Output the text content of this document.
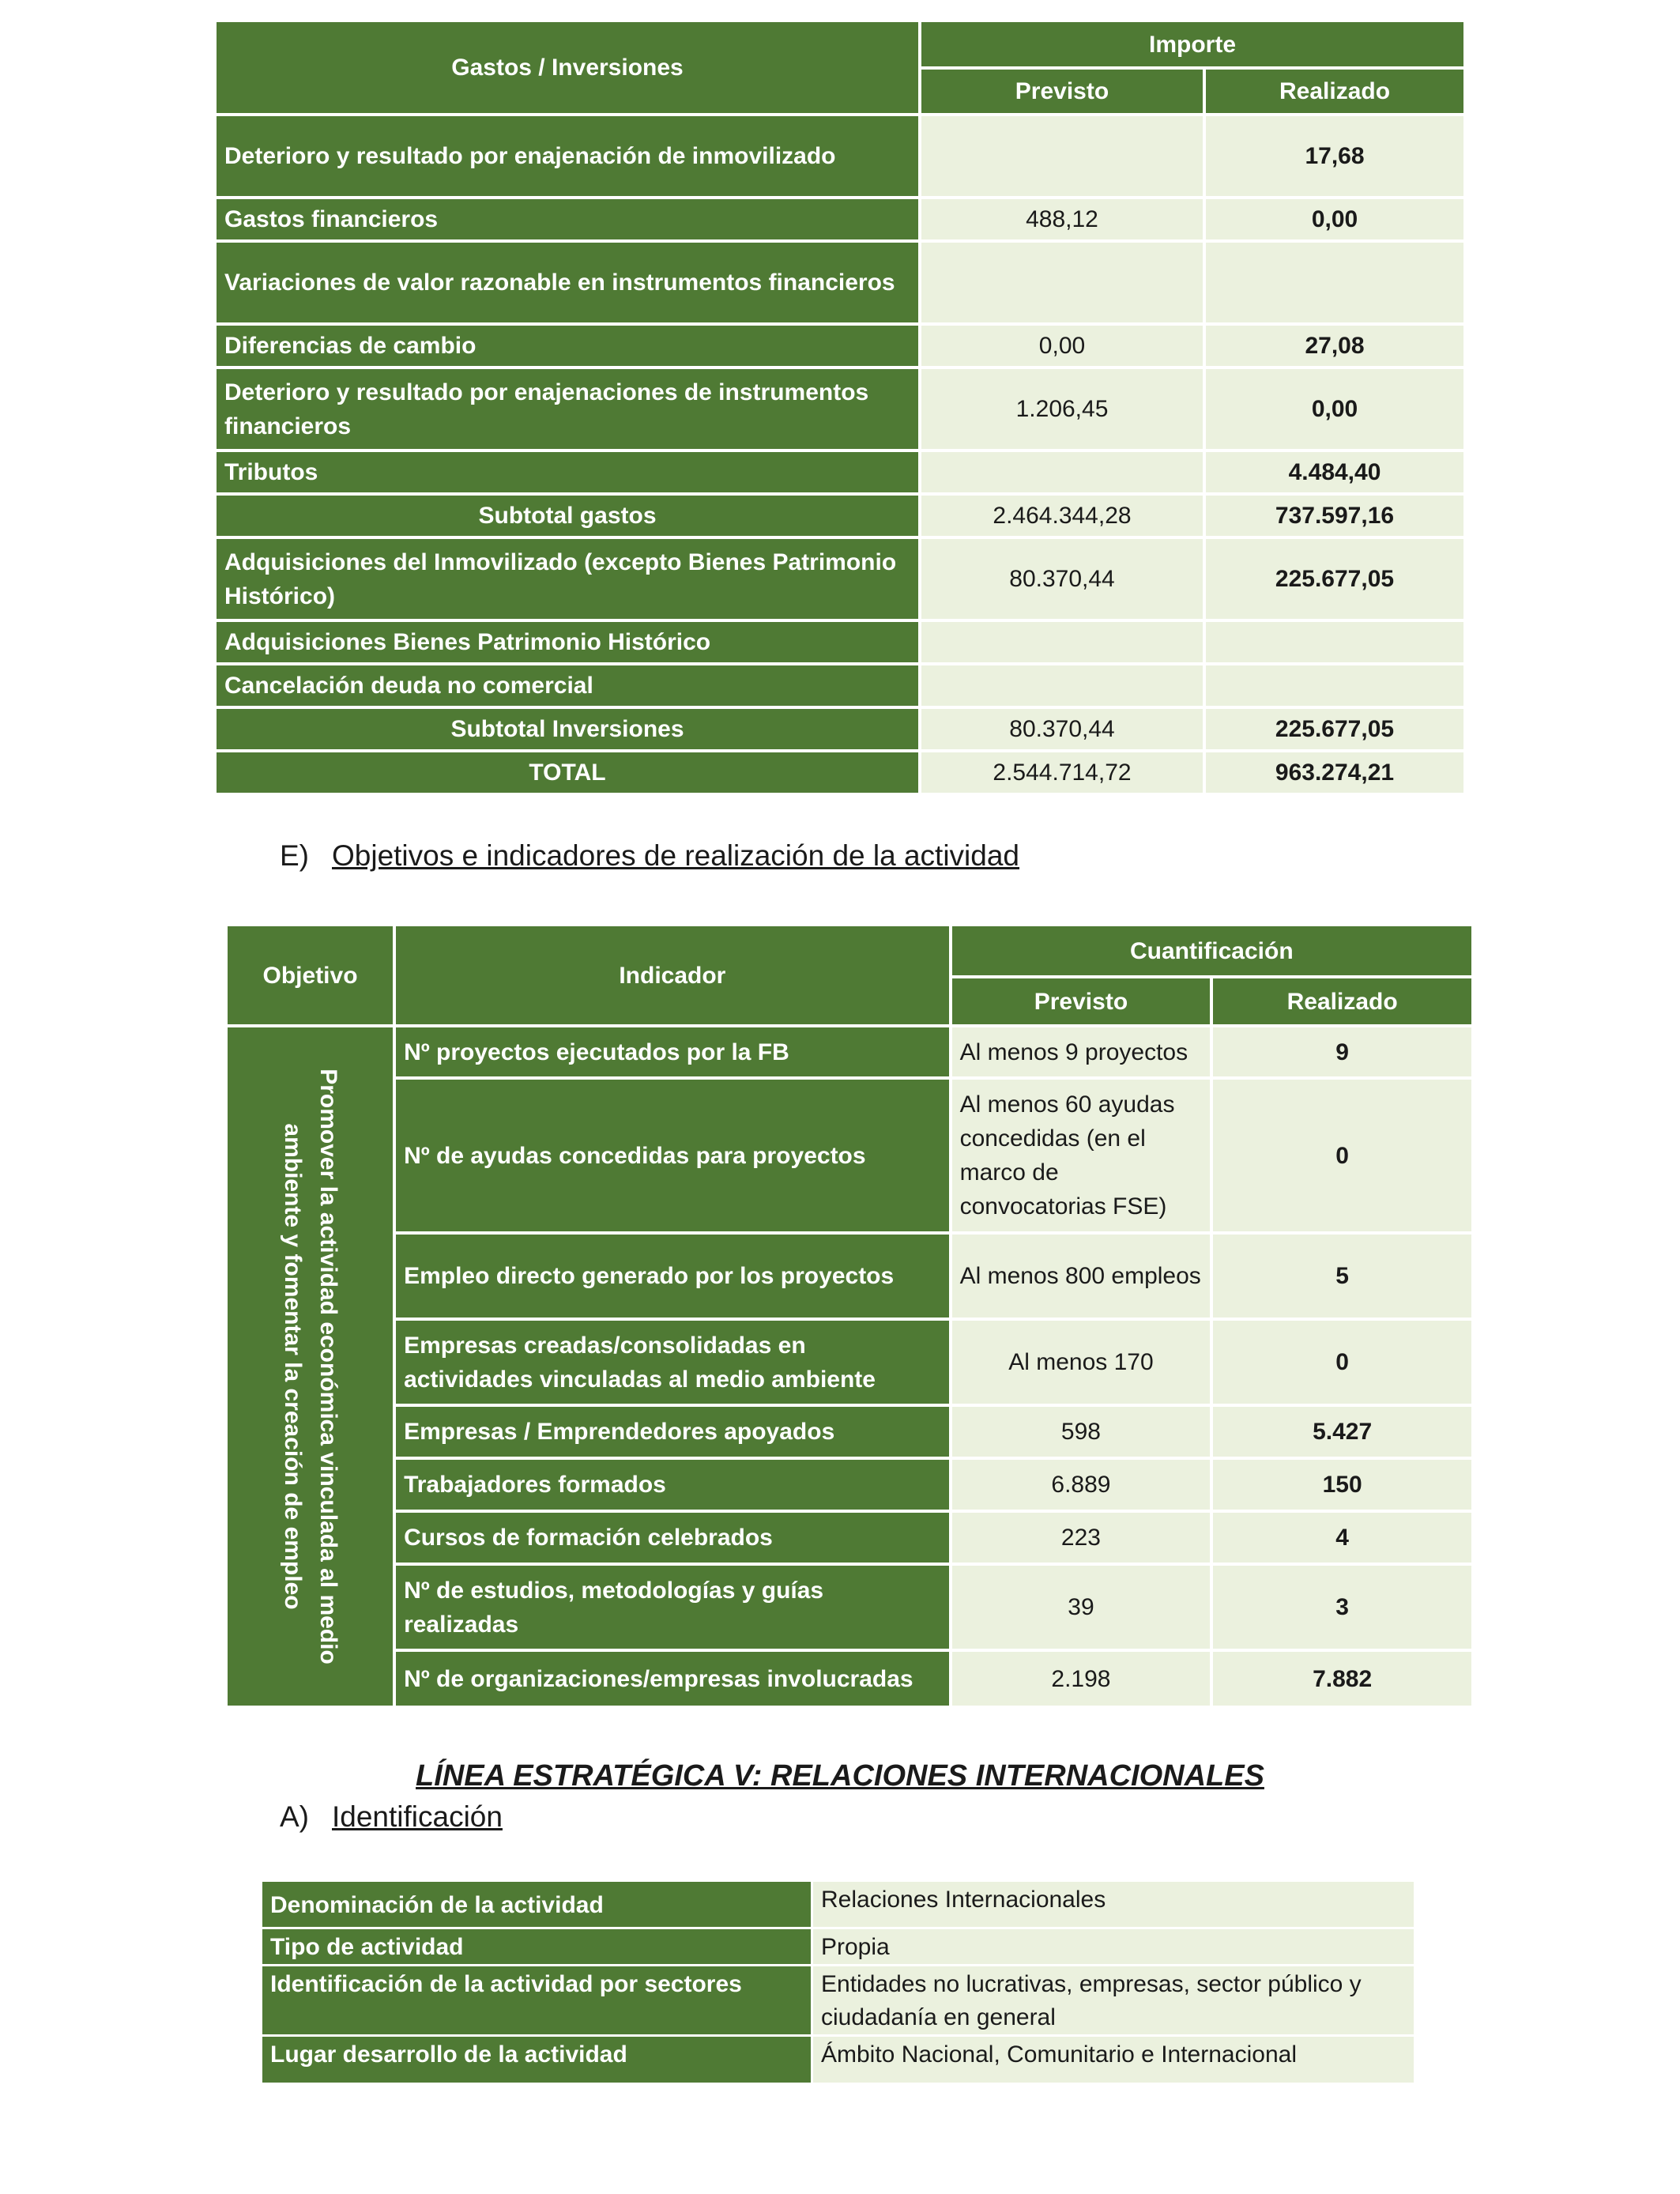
Gastos / Inversiones	Importe	
	Previsto	Realizado
Deterioro y resultado por enajenación de inmovilizado		17,68
Gastos financieros	488,12	0,00
Variaciones de valor razonable en instrumentos financieros		
Diferencias de cambio	0,00	27,08
Deterioro y resultado por enajenaciones de instrumentos financieros	1.206,45	0,00
Tributos		4.484,40
Subtotal gastos	2.464.344,28	737.597,16
Adquisiciones del Inmovilizado (excepto Bienes Patrimonio Histórico)	80.370,44	225.677,05
Adquisiciones Bienes Patrimonio Histórico		
Cancelación deuda no comercial		
Subtotal Inversiones	80.370,44	225.677,05
TOTAL	2.544.714,72	963.274,21
E) Objetivos e indicadores de realización de la actividad
Objetivo	Indicador	Cuantificación	
		Previsto	Realizado

Promover la actividad económica vinculada al medio ambiente y fomentar la creación de empleo	Nº proyectos ejecutados por la FB	Al menos 9 proyectos	9
	Nº de ayudas concedidas para proyectos	Al menos 60 ayudas concedidas (en el marco de convocatorias FSE)	0
	Empleo directo generado por los proyectos	Al menos 800 empleos	5
	Empresas creadas/consolidadas en actividades vinculadas al medio ambiente	Al menos 170	0
	Empresas / Emprendedores apoyados	598	5.427
	Trabajadores formados	6.889	150
	Cursos de formación celebrados	223	4
	Nº de estudios, metodologías y guías realizadas	39	3
	Nº de organizaciones/empresas involucradas	2.198	7.882
LÍNEA ESTRATÉGICA V: RELACIONES INTERNACIONALES
A) Identificación
Denominación de la actividad	Relaciones Internacionales
Tipo de actividad	Propia
Identificación de la actividad por sectores	Entidades no lucrativas, empresas, sector público y ciudadanía en general
Lugar desarrollo de la actividad	Ámbito Nacional, Comunitario e Internacional
